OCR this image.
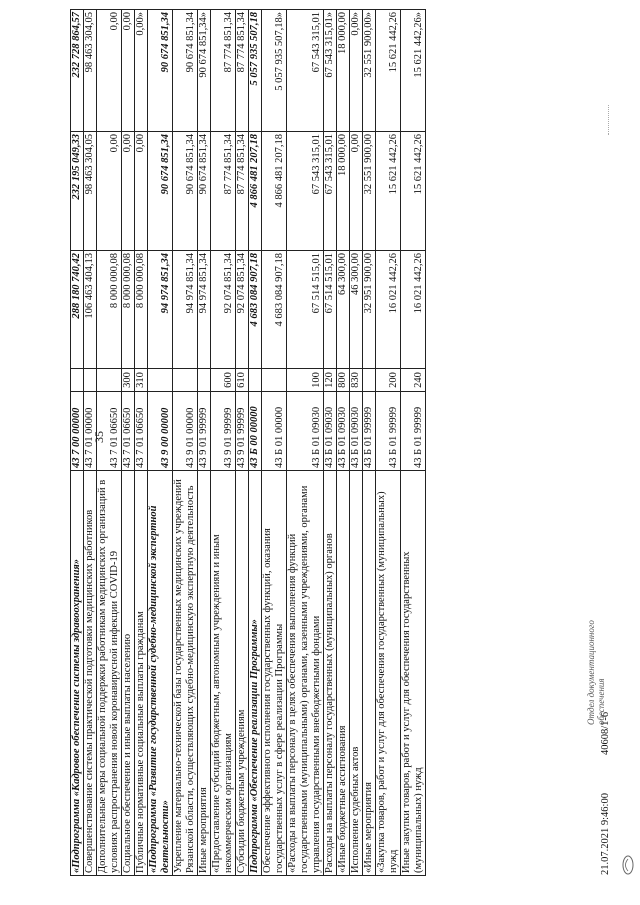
35
«Подпрограмма «Кадровое обеспечение системы здравоохранения»	43 7 00 00000		288 180 740,42	232 195 049,33	232 728 864,57
Совершенствование системы практической подготовки медицинских работников	43 7 01 00000		106 463 404,13	98 463 304,05	98 463 304,05
Дополнительные меры социальной поддержки работникам медицинских организаций в условиях распространения новой коронавирусной инфекции COVID-19	43 7 01 06650		8 000 000,08	0,00	0,00
Социальное обеспечение и иные выплаты населению	43 7 01 06650	300	8 000 000,08	0,00	0,00
Публичные нормативные социальные выплаты гражданам	43 7 01 06650	310	8 000 000,08	0,00	0,00»
«Подпрограмма «Развитие государственной судебно-медицинской экспертной деятельности»	43 9 00 00000		94 974 851,34	90 674 851,34	90 674 851,34
Укрепление материально-технической базы государственных медицинских учреждений Рязанской области, осуществляющих судебно-медицинскую экспертную деятельность	43 9 01 00000		94 974 851,34	90 674 851,34	90 674 851,34
Иные мероприятия	43 9 01 99999		94 974 851,34	90 674 851,34	90 674 851,34»
«Предоставление субсидий бюджетным, автономным учреждениям и иным некоммерческим организациям	43 9 01 99999	600	92 074 851,34	87 774 851,34	87 774 851,34
Субсидии бюджетным учреждениям	43 9 01 99999	610	92 074 851,34	87 774 851,34	87 774 851,34
Подпрограмма «Обеспечение реализации Программы»	43 Б 00 00000		4 683 084 907,18	4 866 481 207,18	5 057 935 507,18
Обеспечение эффективного исполнения государственных функций, оказания государственных услуг в сфере реализации Программы	43 Б 01 00000		4 683 084 907,18	4 866 481 207,18	5 057 935 507,18»
«Расходы на выплаты персоналу в целях обеспечения выполнения функций государственными (муниципальными) органами, казенными учреждениями, органами управления государственными внебюджетными фондами	43 Б 01 09030	100	67 514 515,01	67 543 315,01	67 543 315,01
Расходы на выплаты персоналу государственных (муниципальных) органов	43 Б 01 09030	120	67 514 515,01	67 543 315,01	67 543 315,01»
«Иные бюджетные ассигнования	43 Б 01 09030	800	64 300,00	18 000,00	18 000,00
Исполнение судебных актов	43 Б 01 09030	830	46 300,00	0,00	0,00»
«Иные мероприятия	43 Б 01 99999		32 951 900,00	32 551 900,00	32 551 900,00»
«Закупка товаров, работ и услуг для обеспечения государственных (муниципальных) нужд	43 Б 01 99999	200	16 021 442,26	15 621 442,26	15 621 442,26
Иные закупки товаров, работ и услуг для обеспечения государственных (муниципальных) нужд	43 Б 01 99999	240	16 021 442,26	15 621 442,26	15 621 442,26»
21.07.2021 9:46:00
40608/1-6
Отдел документационного обеспечения
